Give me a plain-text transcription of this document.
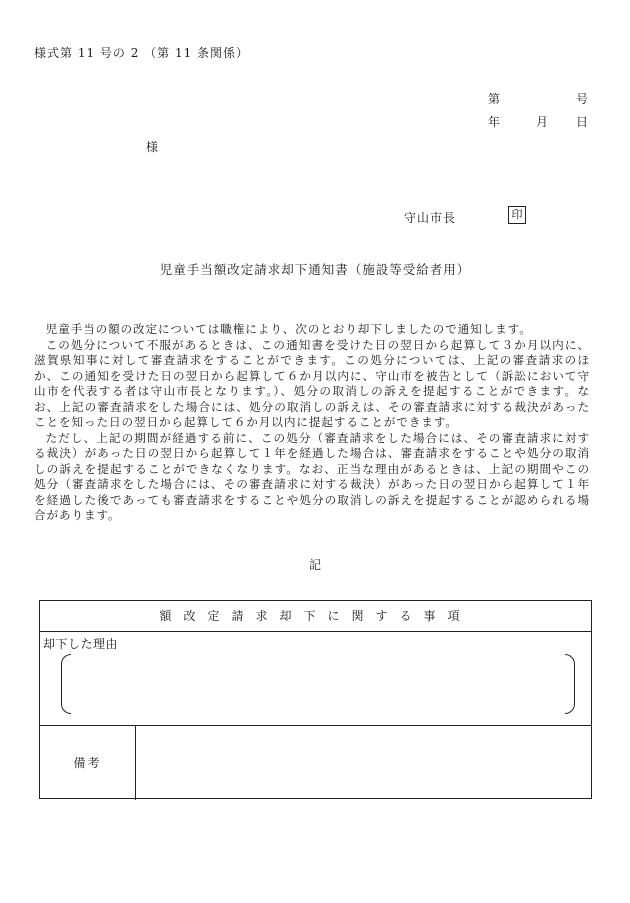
様式第 11 号の 2 （第 11 条関係）
第	号
年	月 日
様
守山市長	印
児童手当額改定請求却下通知書（施設等受給者用）

児童手当の額の改定については職権により、次のとおり却下しましたので通知します。

この処分について不服があるときは、この通知書を受けた日の翌日から起算して３か月以内に、滋賀県知事に対して審査請求をすることができます。この処分については、上記の審査請求のほか、この通知を受けた日の翌日から起算して６か月以内に、守山市を被告として（訴訟において守山市を代表する者は守山市長となります。）、処分の取消しの訴えを提起することができます。なお、上記の審査請求をした場合には、処分の取消しの訴えは、その審査請求に対する裁決があったことを知った日の翌日から起算して６か月以内に提起することができます。

ただし、上記の期間が経過する前に、この処分（審査請求をした場合には、その審査請求に対する裁決）があった日の翌日から起算して１年を経過した場合は、審査請求をすることや処分の取消しの訴えを提起することができなくなります。なお、正当な理由があるときは、上記の期間やこの処分（審査請求をした場合には、その審査請求に対する裁決）があった日の翌日から起算して１年を経過した後であっても審査請求をすることや処分の取消しの訴えを提起することが認められる場合があります。

記
額改定請求却下に関する事項
却下した理由
備考
